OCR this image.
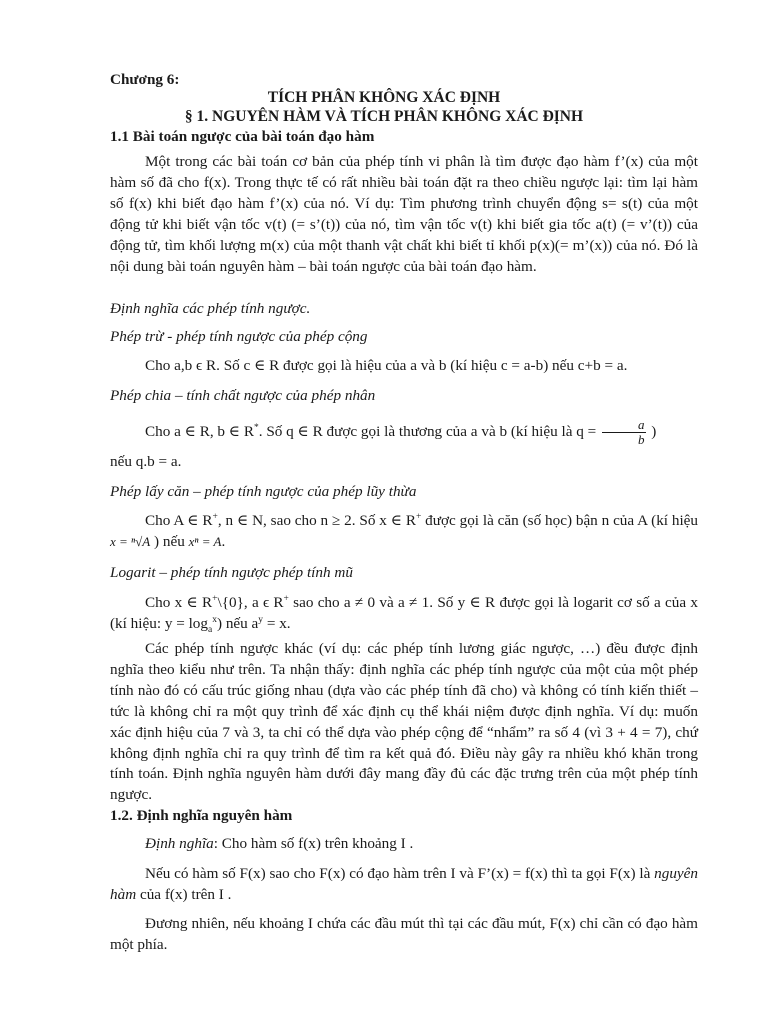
Chương 6:
TÍCH PHÂN KHÔNG XÁC ĐỊNH
§ 1. NGUYÊN HÀM VÀ TÍCH PHÂN KHÔNG XÁC ĐỊNH
1.1 Bài toán ngược của bài toán đạo hàm
Một trong các bài toán cơ bản của phép tính vi phân là tìm được đạo hàm f’(x) của một hàm số đã cho f(x). Trong thực tế có rất nhiều bài toán đặt ra theo chiều ngược lại: tìm lại hàm số f(x) khi biết đạo hàm f’(x) của nó. Ví dụ: Tìm phương trình chuyển động s= s(t) của một động tử khi biết vận tốc v(t) (= s’(t)) của nó, tìm vận tốc v(t) khi biết gia tốc a(t) (= v’(t)) của động tử, tìm khối lượng m(x) của một thanh vật chất khi biết tỉ khối p(x)(= m’(x)) của nó. Đó là nội dung bài toán nguyên hàm – bài toán ngược của bài toán đạo hàm.
Định nghĩa các phép tính ngược.
Phép trừ - phép tính ngược của phép cộng
Cho a,b ϵ R. Số c ∈ R được gọi là hiệu của a và b (kí hiệu c = a-b) nếu c+b = a.
Phép chia – tính chất ngược của phép nhân
Cho a ∈ R, b ∈ R*. Số q ∈ R được gọi là thương của a và b (kí hiệu là $q = \frac{a}{b}$ )
nếu q.b = a.
Phép lấy căn – phép tính ngược của phép lũy thừa
Cho A ∈ R+, n ∈ N, sao cho n ≥ 2. Số x ∈ R+ được gọi là căn (số học) bận n của A (kí hiệu x = ⁿ√A ) nếu xⁿ = A.
Logarit – phép tính ngược phép tính mũ
Cho x ∈ R+\{0}, a ϵ R+ sao cho a ≠ 0 và a ≠ 1. Số y ∈ R được gọi là logarit cơ số a của x (kí hiệu: $y = \log_a^x$) nếu $a^y = x$.
Các phép tính ngược khác (ví dụ: các phép tính lương giác ngược, …) đều được định nghĩa theo kiểu như trên. Ta nhận thấy: định nghĩa các phép tính ngược của một của một phép tính nào đó có cấu trúc giống nhau (dựa vào các phép tính đã cho) và không có tính kiến thiết – tức là không chỉ ra một quy trình để xác định cụ thể khái niệm được định nghĩa. Ví dụ: muốn xác định hiệu của 7 và 3, ta chỉ có thể dựa vào phép cộng để “nhẩm” ra số 4 (vì 3 + 4 = 7), chứ không định nghĩa chỉ ra quy trình để tìm ra kết quả đó. Điều này gây ra nhiều khó khăn trong tính toán. Định nghĩa nguyên hàm dưới đây mang đầy đủ các đặc trưng trên của một phép tính ngược.
1.2. Định nghĩa nguyên hàm
Định nghĩa: Cho hàm số f(x) trên khoảng I .
Nếu có hàm số F(x) sao cho F(x) có đạo hàm trên I và F’(x) = f(x) thì ta gọi F(x) là nguyên hàm của f(x) trên I .
Đương nhiên, nếu khoảng I chứa các đầu mút thì tại các đầu mút, F(x) chỉ cần có đạo hàm một phía.
